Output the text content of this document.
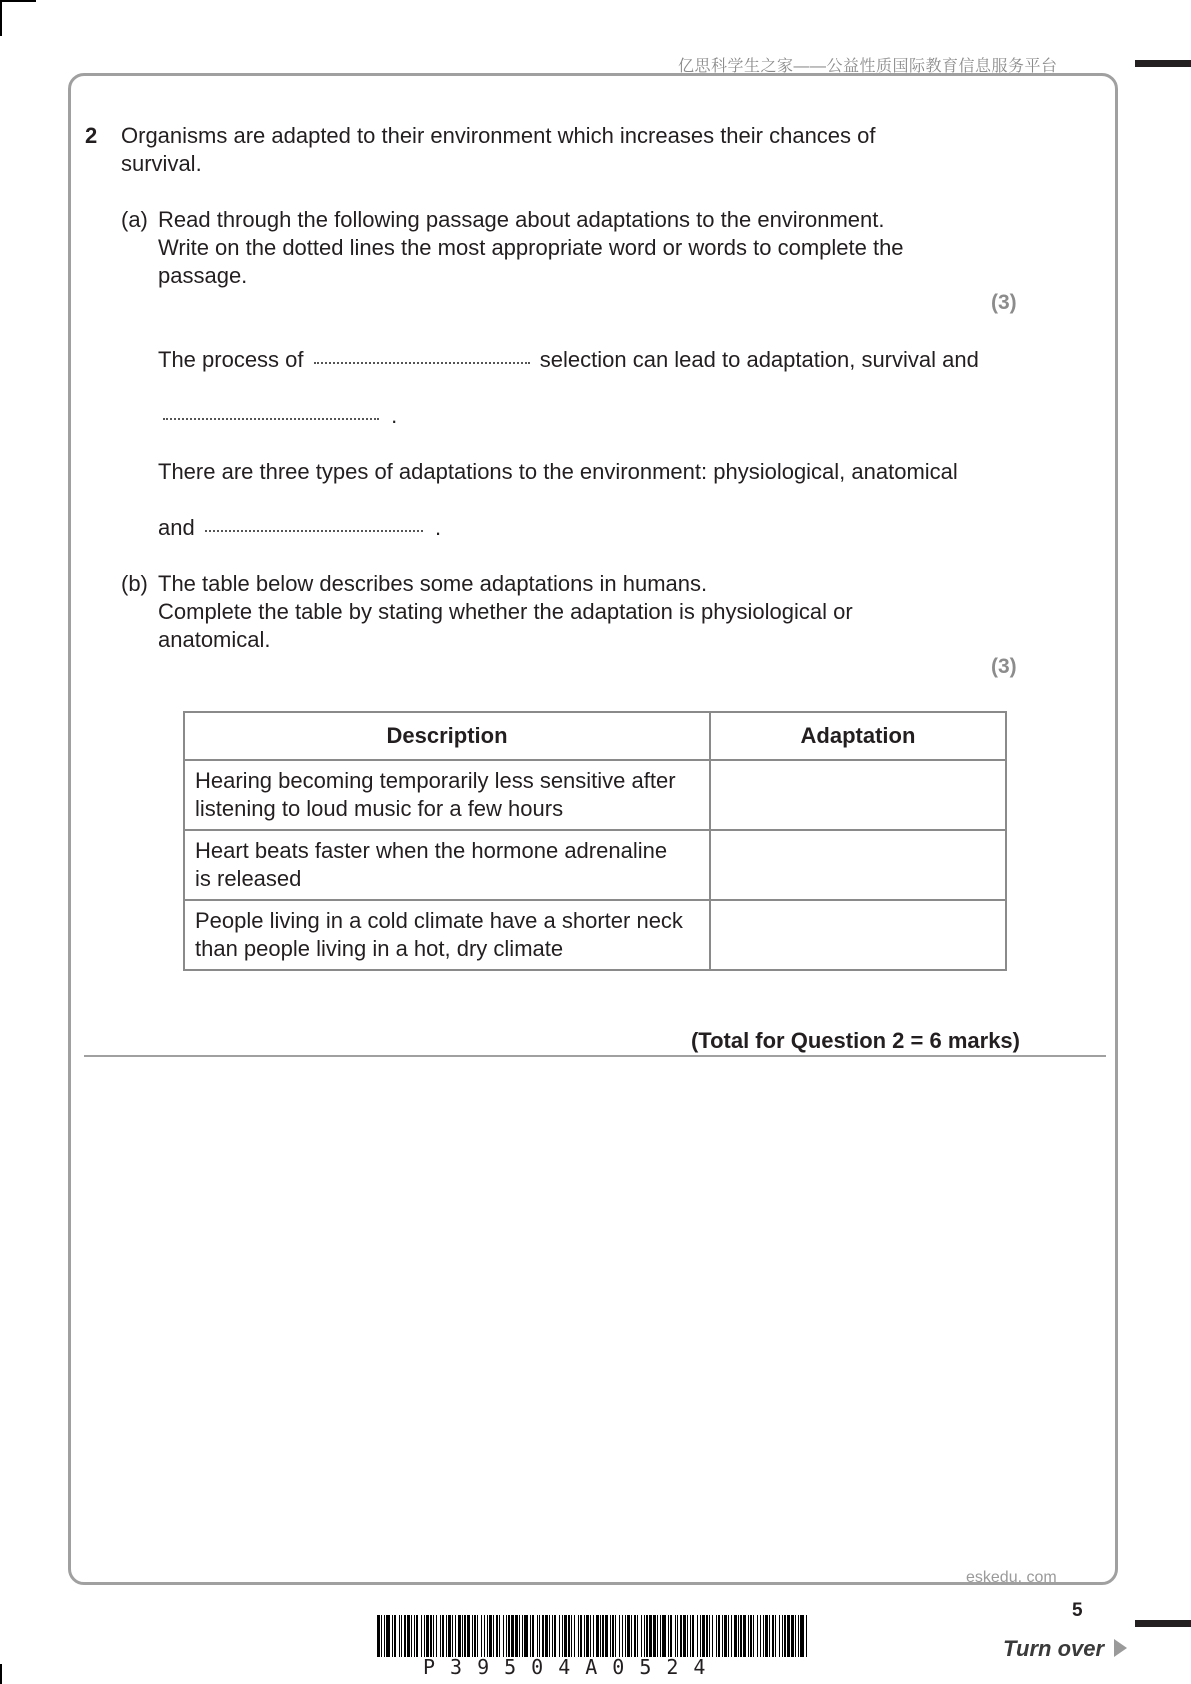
亿思科学生之家——公益性质国际教育信息服务平台
2 Organisms are adapted to their environment which increases their chances of
survival.
(a) Read through the following passage about adaptations to the environment.
Write on the dotted lines the most appropriate word or words to complete the
passage.
(3)
The process of	selection can lead to adaptation, survival and
.
There are three types of adaptations to the environment: physiological, anatomical
and	.
(b) The table below describes some adaptations in humans.
Complete the table by stating whether the adaptation is physiological or
anatomical.
(3)
Description	Adaptation

Hearing becoming temporarily less sensitive after
listening to loud music for a few hours	

Heart beats faster when the hormone adrenaline
is released	

People living in a cold climate have a shorter neck
than people living in a hot, dry climate	

(Total for Question 2 = 6 marks)
eskedu. com
5
Turn over
P39504A0524
